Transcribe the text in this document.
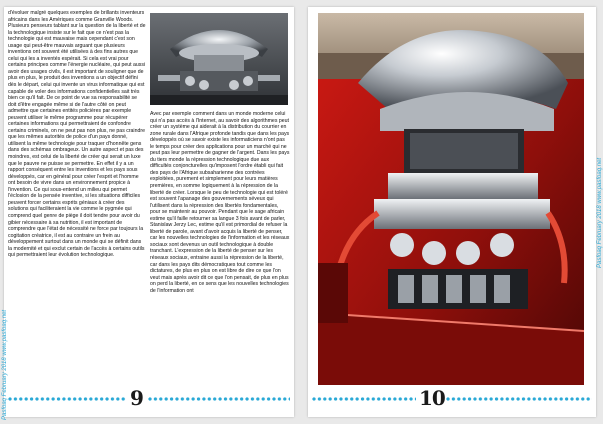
d'évoluer malgré quelques exemples de brillants inventeurs africains dans les Amériques comme Granville Woods. Plusieurs penseurs tablant sur la question de la liberté et de la technologique insiste sur le fait que ce n'est pas la technologie qui est mauvaise mais cependant c'est son usage qui peut-être mauvais arguant que plusieurs inventions ont souvent été utilisées à des fins autres que celui qui les a inventés espérait. Si cela est vrai pour certains principes comme l'énergie nucléaire, qui peut aussi avoir des usages civils, il est important de souligner que de plus en plus, le produit des inventions a un objectif défini dès le départ, celui qui invente un virus informatique qui est capable de voler des informations confidentielles sait très bien ce qu'il fait. De ce point de vue sa responsabilité se doit d'être engagée même si de l'autre côté on peut admettre que certaines entités policières par exemple peuvent utiliser le même programme pour récupérer certaines informations qui permettraient de confondre certains criminels, on ne peut pas non plus, ne pas craindre que les mêmes autorités de police d'un pays donné, utilisent la même technologie pour traquer d'honnête gens dans des schémas ombrageux. Un autre aspect et pas des moindres, est celui de la liberté de créer qui serait un luxe que le pauvre ne puisse se permettre. En effet il y a un rapport conséquent entre les inventions et les pays sous développés, car en général pour créer l'esprit et l'homme ont besoin de vivre dans un environnement propice à l'invention. Ce qui sous-entend un milieu qui permet l'éclosion de la pensée inventive, si les situations difficiles peuvent forcer certains esprits géniaux à créer des solutions qui faciliteraient la vie comme le pygmée qui comprend quel genre de piège il doit tendre pour avoir du gibier nécessaire à sa nutrition, il est important de comprendre que l'état de nécessité ne force par toujours la cogitation créatrice, il est au contraire un frein au développement surtout dans un monde qui se définit dans la modernité et qui exclut certain de l'accès à certains outils qui permettraient leur évolution technologique.

Avec par exemple comment dans un monde moderne celui qui n'a pas accès à l'Internet, au savoir des algorithmes peut créer un système qui aiderait à la distribution du courrier en zone rurale dans l'Afrique profonde tandis que dans les pays développés où se savoir existe les informaticiens n'ont pas le temps pour créer des applications pour un marché qui ne peut pas leur permettre de gagner de l'argent. Dans les pays du tiers monde la répression technologique due aux difficultés conjoncturelles qu'imposent l'ordre établi qui fait des pays de l'Afrique subsaharienne des contrées exploitées, purement et simplement pour leurs matières premières, en somme logiquement à la répression de la liberté de créer. Lorsque le peu de technologie qui est toléré est souvent l'apanage des gouvernements séveux qui l'utilisent dans la répression des libertés fondamentales, pour se maintenir au pouvoir. Pendant que le sage africain estime qu'il faille retourner sa langue 3 fois avant de parler, Stanislaw Jerzy Lec, estime qu'il est primordial de refuser la liberté de parole, avant d'avoir acquis la liberté de penser, car les nouvelles technologies de l'information et les réseaux sociaux sont devenus un outil technologique à double tranchant. L'expression de la liberté de penser sur les réseaux sociaux, entraine aussi la répression de la liberté, car dans les pays dits démocratiques tout comme les dictatures, de plus en plus on est libre de dire ce que l'on veut mais après avoir dit ce que l'on pensait, de plus en plus on perd la liberté, en ce sens que les nouvelles technologies de l'information ont

9
Pasfoaq February 2018 www.pasfoaq.net	10
Pasfoaq February 2018 www.pasfoaq.net
